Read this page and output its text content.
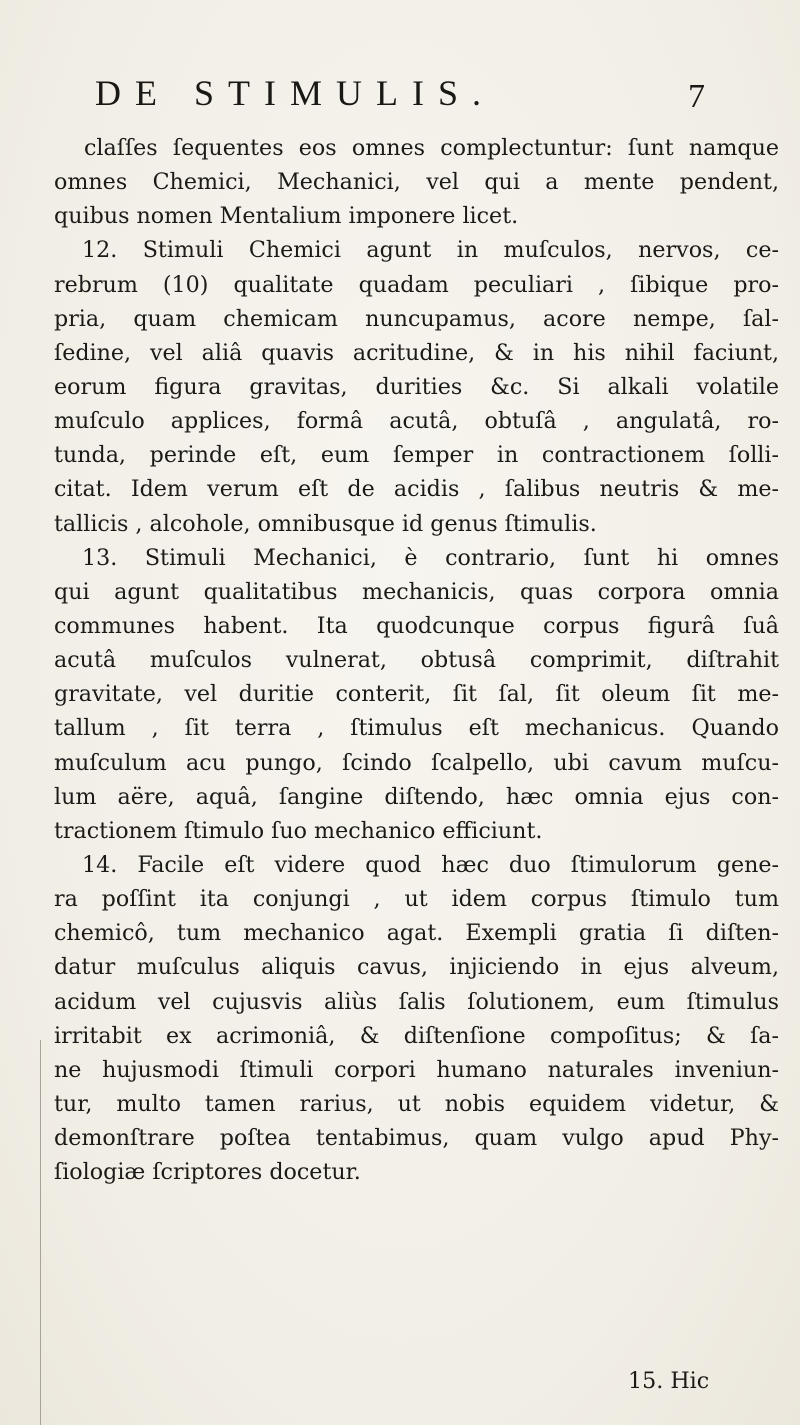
DE STIMULIS.	7
claſſes ſequentes eos omnes complectuntur: ſunt namque
omnes Chemici, Mechanici, vel qui a mente pendent,
quibus nomen Mentalium imponere licet.
12. Stimuli Chemici agunt in muſculos, nervos, ce-
rebrum (10) qualitate quadam peculiari , ſibique pro-
pria, quam chemicam nuncupamus, acore nempe, ſal-
ſedine, vel aliâ quavis acritudine, & in his nihil faciunt,
eorum figura gravitas, durities &c. Si alkali volatile
muſculo applices, formâ acutâ, obtuſâ , angulatâ, ro-
tunda, perinde eſt, eum ſemper in contractionem ſolli-
citat. Idem verum eſt de acidis , ſalibus neutris & me-
tallicis , alcohole, omnibusque id genus ſtimulis.
13. Stimuli Mechanici, è contrario, ſunt hi omnes
qui agunt qualitatibus mechanicis, quas corpora omnia
communes habent. Ita quodcunque corpus figurâ ſuâ
acutâ muſculos vulnerat, obtusâ comprimit, diſtrahit
gravitate, vel duritie conterit, ſit ſal, ſit oleum ſit me-
tallum , ſit terra , ſtimulus eſt mechanicus. Quando
muſculum acu pungo, ſcindo ſcalpello, ubi cavum muſcu-
lum aëre, aquâ, ſangine diſtendo, hæc omnia ejus con-
tractionem ſtimulo ſuo mechanico efficiunt.
14. Facile eſt videre quod hæc duo ſtimulorum gene-
ra poſſint ita conjungi , ut idem corpus ſtimulo tum
chemicô, tum mechanico agat. Exempli gratia ſi diſten-
datur muſculus aliquis cavus, injiciendo in ejus alveum,
acidum vel cujusvis aliùs ſalis ſolutionem, eum ſtimulus
irritabit ex acrimoniâ, & diſtenſione compoſitus; & ſa-
ne hujusmodi ſtimuli corpori humano naturales inveniun-
tur, multo tamen rarius, ut nobis equidem videtur, &
demonſtrare poſtea tentabimus, quam vulgo apud Phy-
ſiologiæ ſcriptores docetur.
15. Hic
